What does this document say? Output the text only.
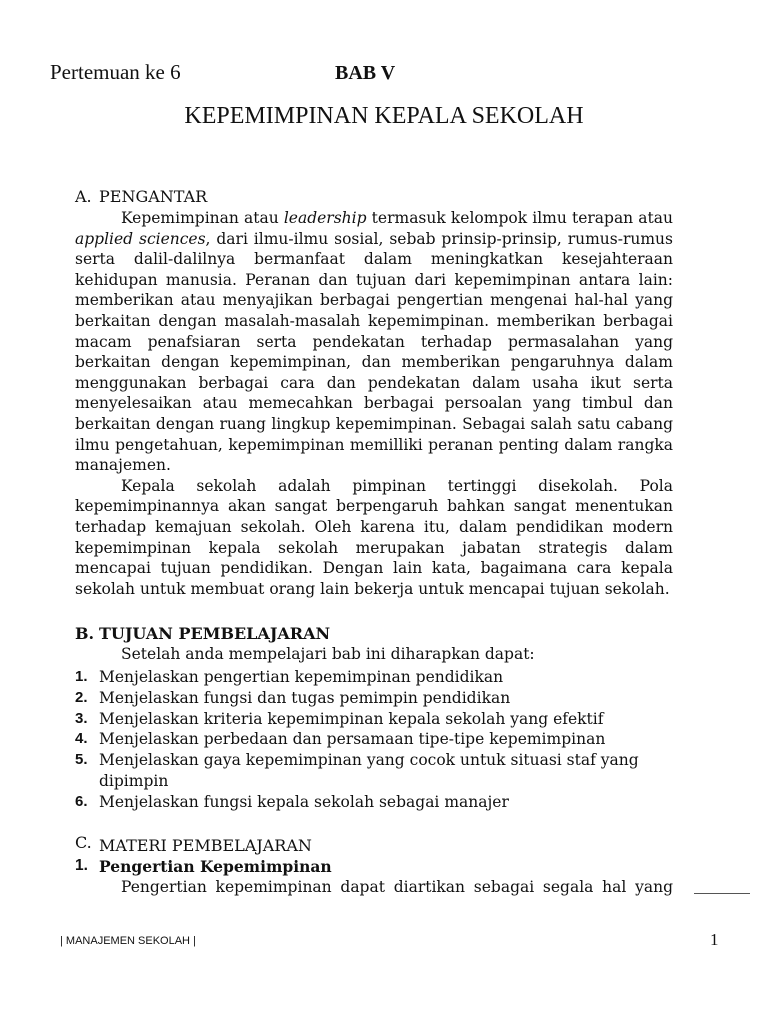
Pertemuan ke 6	BAB V
KEPEMIMPINAN KEPALA SEKOLAH
A. PENGANTAR

Kepemimpinan atau leadership termasuk kelompok ilmu terapan atau applied sciences, dari ilmu-ilmu sosial, sebab prinsip-prinsip, rumus-rumus serta dalil-dalilnya bermanfaat dalam meningkatkan kesejahteraan kehidupan manusia. Peranan dan tujuan dari kepemimpinan antara lain: memberikan atau menyajikan berbagai pengertian mengenai hal-hal yang berkaitan dengan masalah-masalah kepemimpinan. memberikan berbagai macam penafsiaran serta pendekatan terhadap permasalahan yang berkaitan dengan kepemimpinan, dan memberikan pengaruhnya dalam menggunakan berbagai cara dan pendekatan dalam usaha ikut serta menyelesaikan atau memecahkan berbagai persoalan yang timbul dan berkaitan dengan ruang lingkup kepemimpinan. Sebagai salah satu cabang ilmu pengetahuan, kepemimpinan memilliki peranan penting dalam rangka manajemen.

Kepala sekolah adalah pimpinan tertinggi disekolah. Pola kepemimpinannya akan sangat berpengaruh bahkan sangat menentukan terhadap kemajuan sekolah. Oleh karena itu, dalam pendidikan modern kepemimpinan kepala sekolah merupakan jabatan strategis dalam mencapai tujuan pendidikan. Dengan lain kata, bagaimana cara kepala sekolah untuk membuat orang lain bekerja untuk mencapai tujuan sekolah.

B. TUJUAN PEMBELAJARAN
Setelah anda mempelajari bab ini diharapkan dapat:
1. Menjelaskan pengertian kepemimpinan pendidikan
2. Menjelaskan fungsi dan tugas pemimpin pendidikan
3. Menjelaskan kriteria kepemimpinan kepala sekolah yang efektif
4. Menjelaskan perbedaan dan persamaan tipe-tipe kepemimpinan
5. Menjelaskan gaya kepemimpinan yang cocok untuk situasi staf yang dipimpin
6. Menjelaskan fungsi kepala sekolah sebagai manajer
C. MATERI PEMBELAJARAN
1. Pengertian Kepemimpinan
Pengertian kepemimpinan dapat diartikan sebagai segala hal yang
| MANAJEMEN SEKOLAH |	1
